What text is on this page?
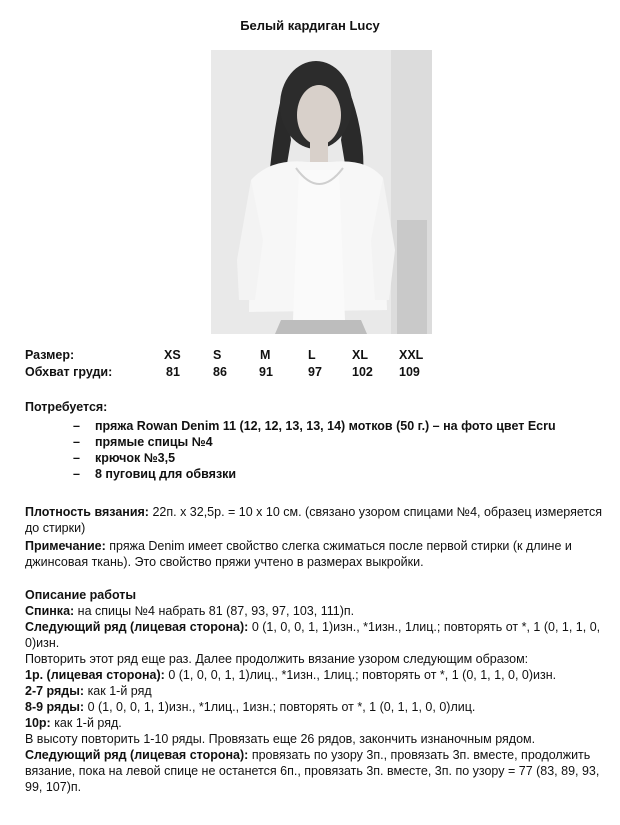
Белый кардиган Lucy
Размер:	XS	S	M	L	XL XXL
Обхват груди:	81	86	91	97 102 109
Потребуется:
– пряжа Rowan Denim 11 (12, 12, 13, 13, 14) мотков (50 г.) – на фото цвет Ecru
– прямые спицы №4
– крючок №3,5
– 8 пуговиц для обвязки

Плотность вязания: 22п. х 32,5р. = 10 х 10 см. (связано узором спицами №4, образец измеряется до стирки)

Примечание: пряжа Denim имеет свойство слегка сжиматься после первой стирки (к длине и джинсовая ткань). Это свойство пряжи учтено в размерах выкройки.

Описание работы

Спинка: на спицы №4 набрать 81 (87, 93, 97, 103, 111)п.

Следующий ряд (лицевая сторона): 0 (1, 0, 0, 1, 1)изн., *1изн., 1лиц.; повторять от *, 1 (0, 1, 1, 0, 0)изн.

Повторить этот ряд еще раз. Далее продолжить вязание узором следующим образом:

1р. (лицевая сторона): 0 (1, 0, 0, 1, 1)лиц., *1изн., 1лиц.; повторять от *, 1 (0, 1, 1, 0, 0)изн.

2-7 ряды: как 1-й ряд

8-9 ряды: 0 (1, 0, 0, 1, 1)изн., *1лиц., 1изн.; повторять от *, 1 (0, 1, 1, 0, 0)лиц.

10р: как 1-й ряд.

В высоту повторить 1-10 ряды. Провязать еще 26 рядов, закончить изнаночным рядом.

Следующий ряд (лицевая сторона): провязать по узору 3п., провязать 3п. вместе, продолжить вязание, пока на левой спице не останется 6п., провязать 3п. вместе, 3п. по узору = 77 (83, 89, 93, 99, 107)п.
